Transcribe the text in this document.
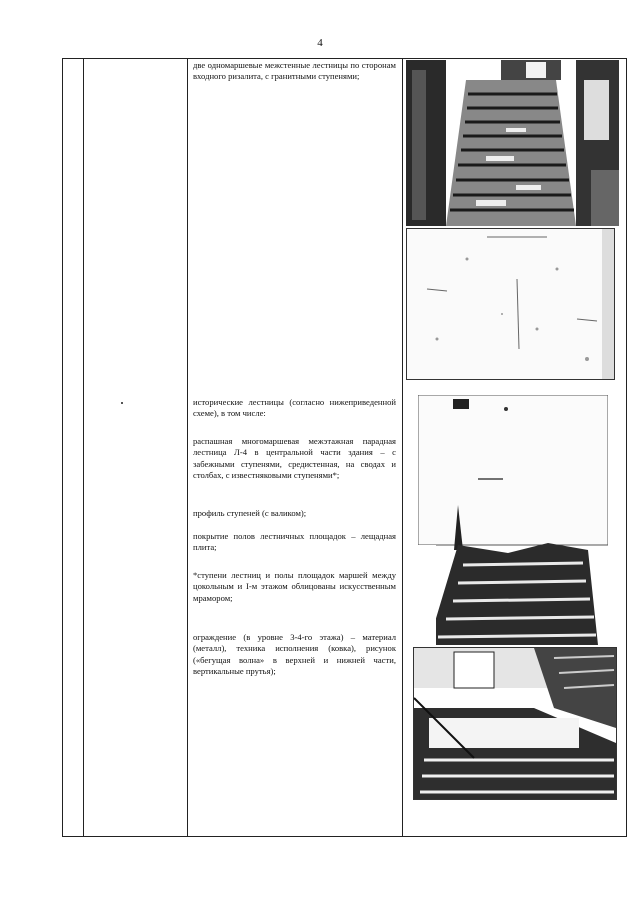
4

две одномаршевые межстенные лестницы по сторонам входного ризалита, с гранитными ступенями;

исторические лестницы (согласно нижеприведенной схеме), в том числе:

распашная многомаршевая межэтажная парадная лестница Л-4 в центральной части здания – с забежными ступенями, средистенная, на сводах и столбах, с известняковыми ступенями*;

профиль ступеней (с валиком);

покрытие полов лестничных площадок – лещадная плита;

*ступени лестниц и полы площадок маршей между цокольным и I-м этажом облицованы искусственным мрамором;

ограждение (в уровне 3-4-го этажа) – материал (металл), техника исполнения (ковка), рисунок («бегущая волна» в верхней и нижней части, вертикальные прутья);
